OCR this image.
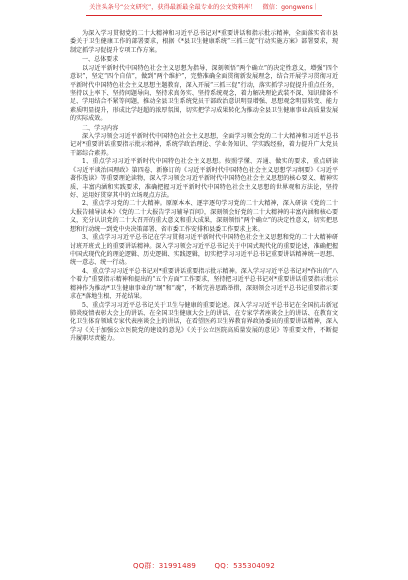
关注头条号“公文研究”，获得最新最全最专业的公文资料库！　微信：gongwens｜

为深入学习贯彻党的二十大精神和习近平总书记对*重要讲话和指示批示精神，全面落实省市县委关于卫生健康工作的部署要求，根据《*县卫生健康系统“三抓三促”行动实施方案》部署要求，现制定抓学习促提升专项工作方案。

一、总体要求

以习近平新时代中国特色社会主义思想为指导，深刻领悟“两个确立”的决定性意义，增强“四个意识”，坚定“四个自信”，做到“两个维护”，完整准确全面贯彻新发展理念，结合开展学习贯彻习近平新时代中国特色社会主义思想主题教育，深入开展“三抓三促”行动，落实抓学习促提升重点任务，坚持以上率下、坚持问题导向、坚持求真务实、坚持系统观念，着力解决理论武装不深、知识储备不足、学用结合不紧等问题，推动全县卫生系统党员干部政治意识明显增强、思想观念明显转变、能力素质明显提升，形成比学赶超的浓厚氛围，切实把学习成果转化为推动全县卫生健康事业高质量发展的实际成效。

二、学习内容

深入学习领会习近平新时代中国特色社会主义思想，全面学习领会党的二十大精神和习近平总书记对*重要讲话重要指示批示精神，系统学政治理论、学业务知识、学实践经验，着力提升广大党员干部综合素养。

1、重点学习习近平新时代中国特色社会主义思想。按照学懂、弄通、做实的要求，重点研读《习近平谈治国理政》第四卷、新修订的《习近平新时代中国特色社会主义思想学习纲要》《习近平著作选读》等重要理论读物，深入学习领会习近平新时代中国特色社会主义思想的核心要义、精神实质、丰富内涵和实践要求，准确把握习近平新时代中国特色社会主义思想的世界观和方法论，坚持好、运用好贯穿其中的立场观点方法。

2、重点学习党的二十大精神。原原本本、逐字逐句学习党的二十大精神，深入研读《党的二十大报告辅导读本》《党的二十大报告学习辅导百问》，深刻领会好党的二十大精神的丰富内涵和核心要义，充分认识党的二十大召开的重大意义和重大成果，深刻领悟“两个确立”的决定性意义，切实把思想和行动统一到党中央决策部署、省市委工作安排和县委工作要求上来。

3、重点学习习近平总书记在学习贯彻习近平新时代中国特色社会主义思想和党的二十大精神研讨班开班式上的重要讲话精神。深入学习领会习近平总书记关于中国式现代化的重要论述，准确把握中国式现代化的理论逻辑、历史逻辑、实践逻辑，切实把学习习近平总书记重要讲话精神统一思想、统一意志、统一行动。

4、重点学习习近平总书记对*重要讲话重要指示批示精神。深入学习习近平总书记对*作出的“八个着力”重要指示精神和提出的“五个方面”工作要求，坚持把习近平总书记对*重要讲话重要指示批示精神作为推动*卫生健康事业的“纲”和“魂”，不断完善思路举措，深刻领会习近平总书记重要指示要求在*落地生根、开花结果。

5、重点学习习近平总书记关于卫生与健康的重要论述。深入学习习近平总书记在全国抗击新冠肺炎疫情表彰大会上的讲话、在全国卫生健康大会上的讲话、在专家学者座谈会上的讲话、在教育文化卫生体育领域专家代表座谈会上的讲话，在看望医药卫生界教育界政协委员的重要讲话精神，深入学习《关于加强公立医院党的建设的意见》《关于公立医院高质量发展的意见》等重要文件，不断提升履职尽责能力。

QQ群：31991489	QQ：535304092
